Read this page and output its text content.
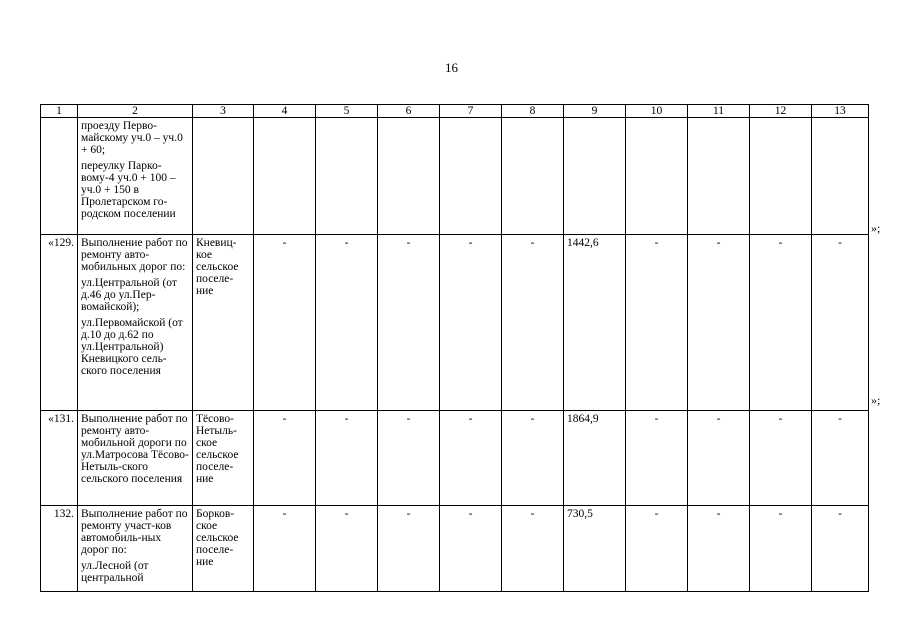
16
1	2	3	4	5	6	7	8	9	10	11	12	13

	проезду Перво-майскому уч.0 – уч.0 + 60;
переулку Парко-вому-4 уч.0 + 100 – уч.0 + 150 в Пролетарском го-родском поселении											

«129.	Выполнение работ по ремонту авто-мобильных дорог по:
ул.Центральной (от д.46 до ул.Пер-вомайской);
ул.Первомайской (от д.10 до д.62 по ул.Центральной) Кневицкого сель-ского поселения	Кневиц-кое сельское поселе-ние	-	-	-	-	-	1442,6	-	-	-	-
«131.	Выполнение работ по ремонту авто-мобильной дороги по ул.Матросова Тёсово-Нетыль-ского сельского поселения	Тёсово-Нетыль-ское сельское поселе-ние	-	-	-	-	-	1864,9	-	-	-	-
132.	Выполнение работ по ремонту участ-ков автомобиль-ных дорог по:
ул.Лесной (от центральной	Борков-ское сельское поселе-ние	-	-	-	-	-	730,5	-	-	-	-
»;
»;
